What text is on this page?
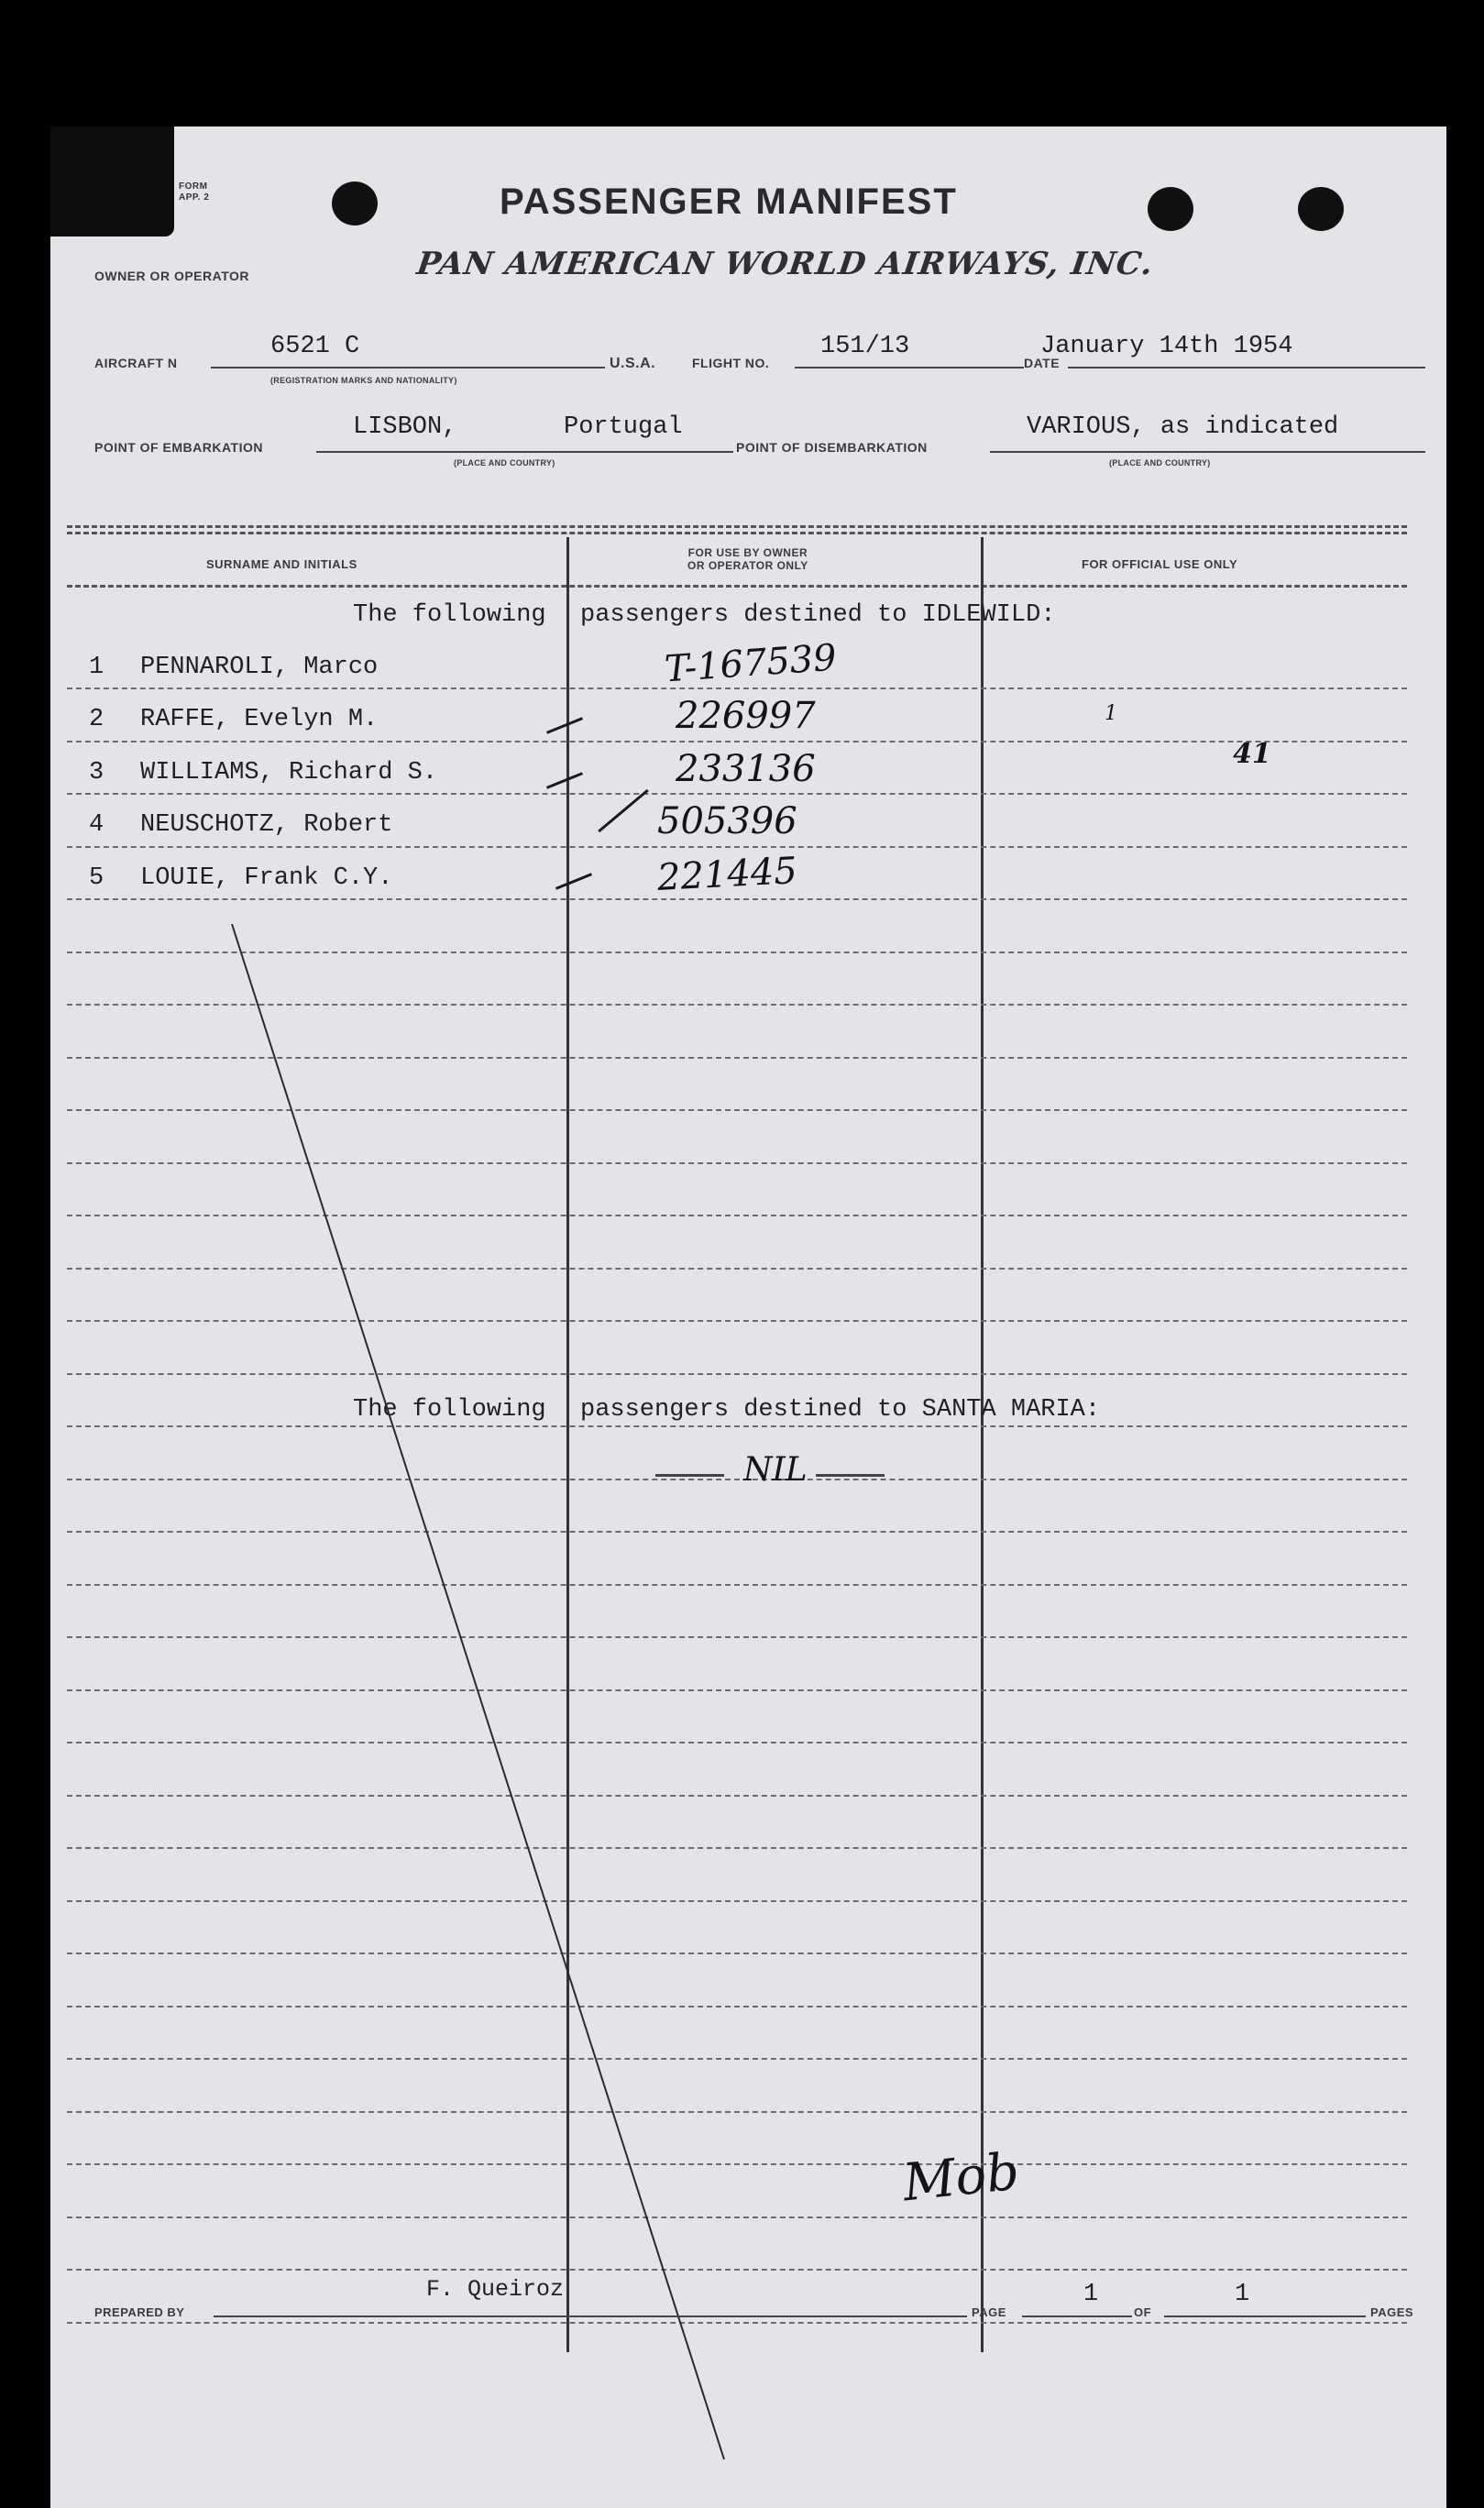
FORM
APP. 2	PASSENGER MANIFEST
OWNER OR OPERATOR	PAN AMERICAN WORLD AIRWAYS, INC.
AIRCRAFT N
6521 C
(REGISTRATION MARKS AND NATIONALITY)
U.S.A.	FLIGHT NO.
151/13
DATE
January 14th 1954
POINT OF EMBARKATION
LISBON,	Portugal
(PLACE AND COUNTRY)
POINT OF DISEMBARKATION
VARIOUS, as indicated
(PLACE AND COUNTRY)
SURNAME AND INITIALS
FOR USE BY OWNER
OR OPERATOR ONLY	FOR OFFICIAL USE ONLY
The following passengers destined to IDLEWILD:
1 PENNAROLI, Marco	T-167539
2 RAFFE, Evelyn M.	226997
3 WILLIAMS, Richard S.	233136
4 NEUSCHOTZ, Robert	505396
5 LOUIE, Frank C.Y.	221445
1
41
The following passengers destined to SANTA MARIA:
NIL
Mob
PREPARED BY
F. Queiroz
PAGE
1
OF
1
PAGES
